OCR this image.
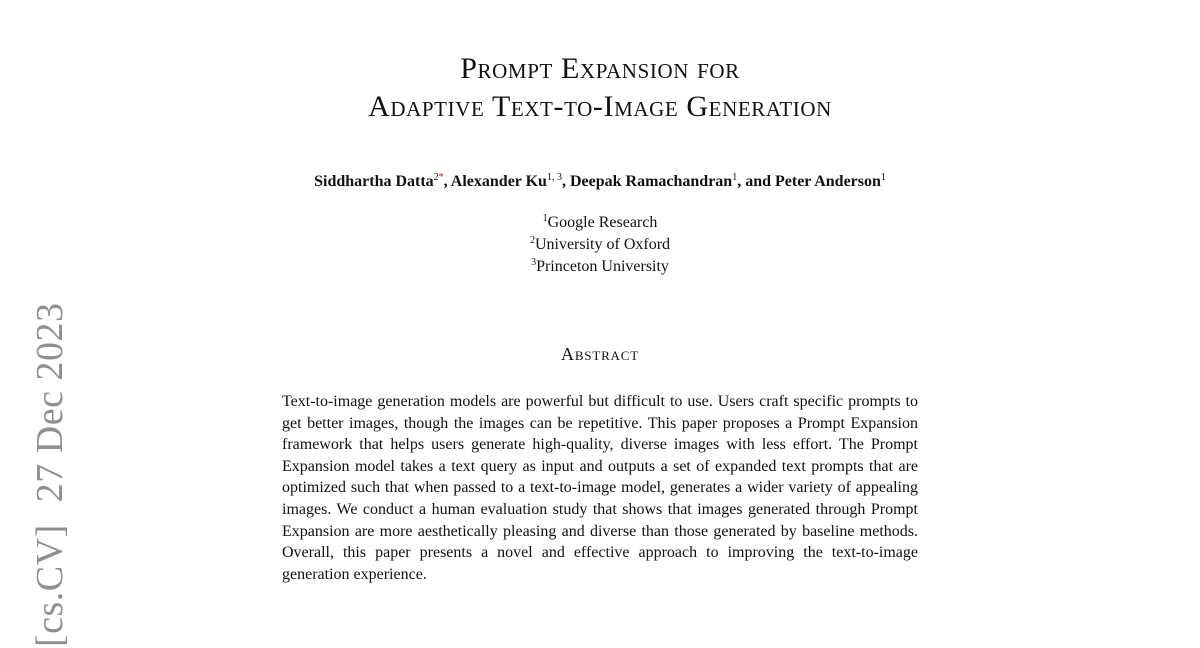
[cs.CV]27 Dec 2023
Prompt Expansion for
Adaptive Text-to-Image Generation
Siddhartha Datta$^{2*}$, Alexander Ku$^{1, 3}$, Deepak Ramachandran$^1$, and Peter Anderson$^1$
$^1$Google Research
$^2$University of Oxford
$^3$Princeton University
Abstract

Text-to-image generation models are powerful but difficult to use. Users craft specific prompts to get better images, though the images can be repetitive. This paper proposes a Prompt Expansion framework that helps users generate high-quality, diverse images with less effort. The Prompt Expansion model takes a text query as input and outputs a set of expanded text prompts that are optimized such that when passed to a text-to-image model, generates a wider variety of appealing images. We conduct a human evaluation study that shows that images generated through Prompt Expansion are more aesthetically pleasing and diverse than those generated by baseline methods. Overall, this paper presents a novel and effective approach to improving the text-to-image generation experience.
